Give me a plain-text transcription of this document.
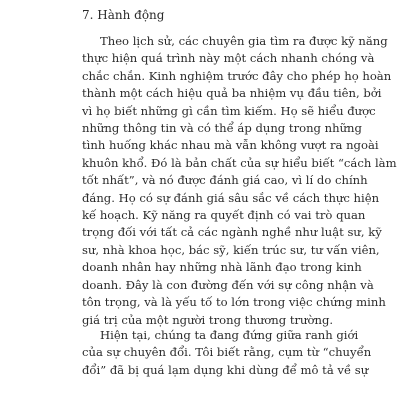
7. Hành động
Theo lịch sử, các chuyên gia tìm ra được kỹ năng
thực hiện quá trình này một cách nhanh chóng và
chắc chắn. Kinh nghiệm trước đây cho phép họ hoàn
thành một cách hiệu quả ba nhiệm vụ đầu tiên, bởi
vì họ biết những gì cần tìm kiếm. Họ sẽ hiểu được
những thông tin và có thể áp dụng trong những
tình huống khác nhau mà vẫn không vượt ra ngoài
khuôn khổ. Đó là bản chất của sự hiểu biết “cách làm
tốt nhất”, và nó được đánh giá cao, vì lí do chính
đáng. Họ có sự đánh giá sâu sắc về cách thực hiện
kế hoạch. Kỹ năng ra quyết định có vai trò quan
trọng đối với tất cả các ngành nghề như luật sư, kỹ
sư, nhà khoa học, bác sỹ, kiến trúc sư, tư vấn viên,
doanh nhân hay những nhà lãnh đạo trong kinh
doanh. Đây là con đường đến với sự công nhận và
tôn trọng, và là yếu tố to lớn trong việc chứng minh
giá trị của một người trong thương trường.
Hiện tại, chúng ta đang đứng giữa ranh giới
của sự chuyên đổi. Tôi biết rằng, cụm từ “chuyển
đổi” đã bị quá lạm dụng khi dùng để mô tả về sự
